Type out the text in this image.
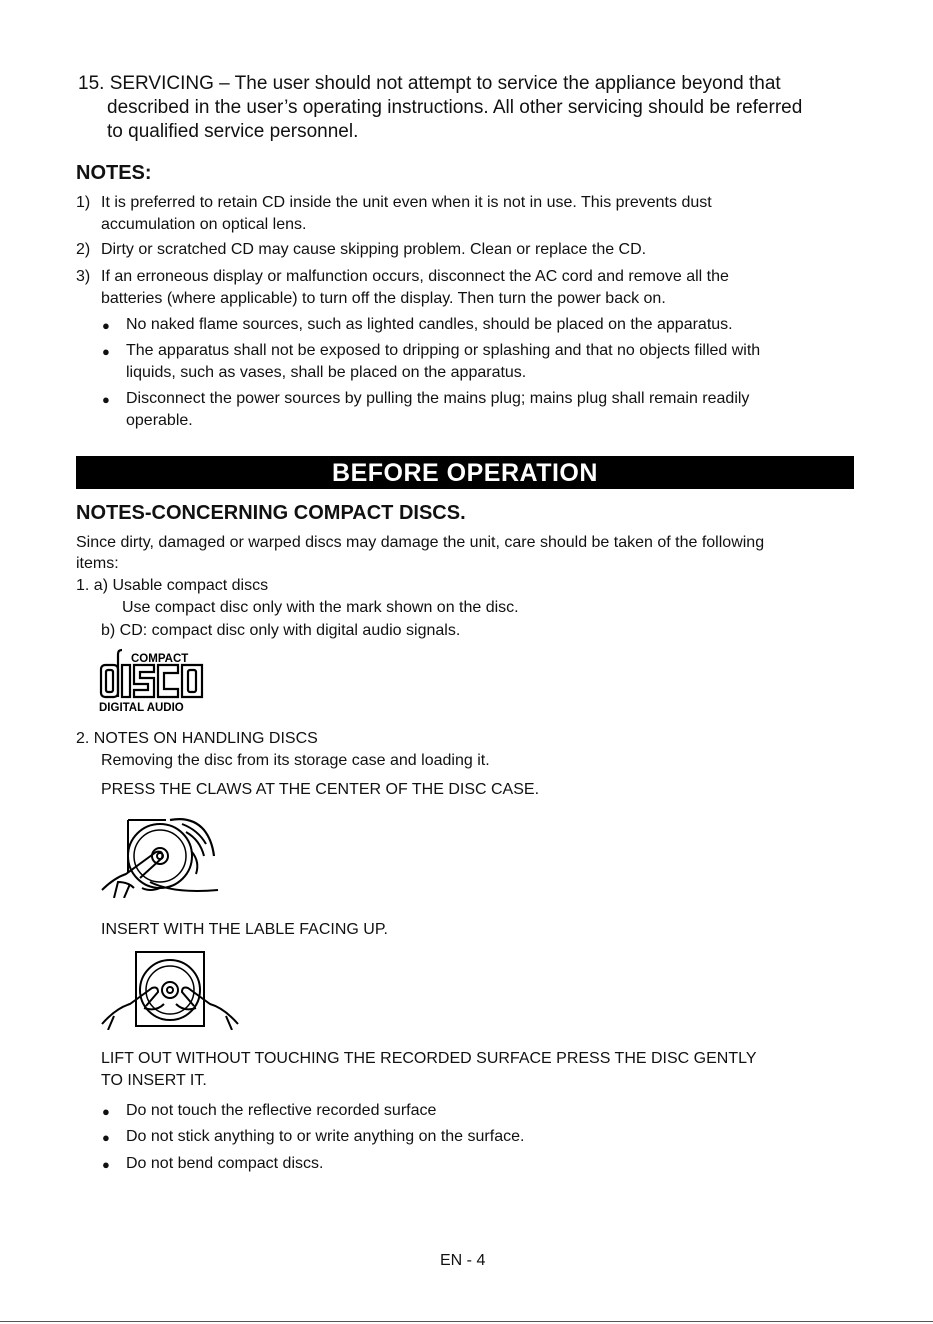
15. SERVICING – The user should not attempt to service the appliance beyond that
described in the user’s operating instructions. All other servicing should be referred
to qualified service personnel.
NOTES:
1) It is preferred to retain CD inside the unit even when it is not in use. This prevents dust
accumulation on optical lens.
2) Dirty or scratched CD may cause skipping problem. Clean or replace the CD.
3) If an erroneous display or malfunction occurs, disconnect the AC cord and remove all the
batteries (where applicable) to turn off the display. Then turn the power back on.
● No naked flame sources, such as lighted candles, should be placed on the apparatus.
● The apparatus shall not be exposed to dripping or splashing and that no objects filled with
liquids, such as vases, shall be placed on the apparatus.
● Disconnect the power sources by pulling the mains plug; mains plug shall remain readily
operable.
BEFORE OPERATION
NOTES-CONCERNING COMPACT DISCS.
Since dirty, damaged or warped discs may damage the unit, care should be taken of the following
items:
1. a) Usable compact discs
Use compact disc only with the mark shown on the disc.
b) CD: compact disc only with digital audio signals.
COMPACT
DIGITAL AUDIO
2. NOTES ON HANDLING DISCS
Removing the disc from its storage case and loading it.
PRESS THE CLAWS AT THE CENTER OF THE DISC CASE.
INSERT WITH THE LABLE FACING UP.
LIFT OUT WITHOUT TOUCHING THE RECORDED SURFACE PRESS THE DISC GENTLY
TO INSERT IT.
● Do not touch the reflective recorded surface
● Do not stick anything to or write anything on the surface.
● Do not bend compact discs.
EN - 4
